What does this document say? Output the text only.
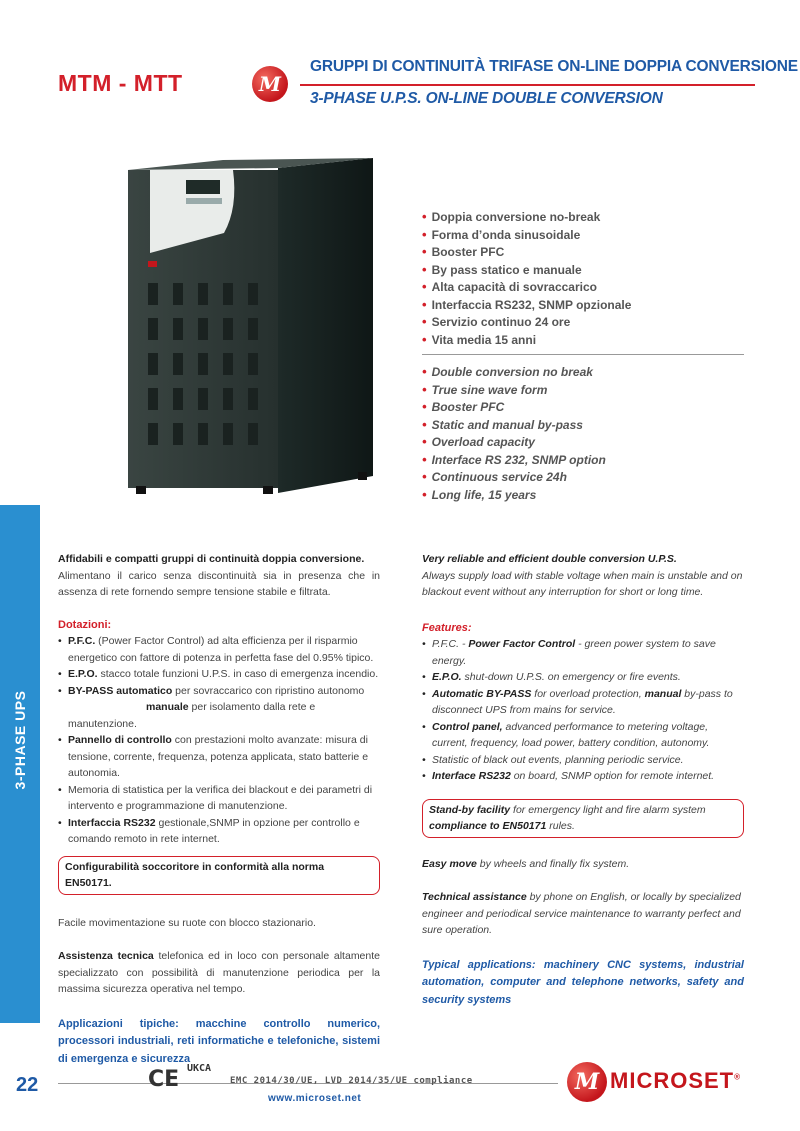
MTM - MTT	M
GRUPPI DI CONTINUITÀ TRIFASE ON-LINE DOPPIA CONVERSIONE
3-PHASE U.P.S. ON-LINE DOUBLE CONVERSION
• Doppia conversione no-break
• Forma d’onda sinusoidale
• Booster PFC
• By pass statico e manuale
• Alta capacità di sovraccarico
• Interfaccia RS232, SNMP opzionale
• Servizio continuo 24 ore
• Vita media 15 anni
• Double conversion no break
• True sine wave form
• Booster PFC
• Static and manual by-pass
• Overload capacity
• Interface RS 232, SNMP option
• Continuous service 24h
• Long life, 15 years
3-PHASE UPS
Affidabili e compatti gruppi di continuità doppia conversione.
Alimentano il carico senza discontinuità sia in presenza che in assenza di rete fornendo sempre tensione stabile e filtrata.
Dotazioni:
• P.F.C. (Power Factor Control) ad alta efficienza per il risparmio energetico con fattore di potenza in perfetta fase del 0.95% tipico.
• E.P.O. stacco totale funzioni U.P.S. in caso di emergenza incendio.
• BY-PASS automatico per sovraccarico con ripristino autonomo
manuale per isolamento dalla rete e manutenzione.
• Pannello di controllo con prestazioni molto avanzate: misura di tensione, corrente, frequenza, potenza applicata, stato batterie e autonomia.
• Memoria di statistica per la verifica dei blackout e dei parametri di intervento e programmazione di manutenzione.
• Interfaccia RS232 gestionale,SNMP in opzione per controllo e comando remoto in rete internet.
Configurabilità soccoritore in conformità alla norma EN50171.
Facile movimentazione su ruote con blocco stazionario.
Assistenza tecnica telefonica ed in loco con personale altamente specializzato con possibilità di manutenzione periodica per la massima sicurezza operativa nel tempo.
Applicazioni tipiche: macchine controllo numerico, processori industriali, reti informatiche e telefoniche, sistemi di emergenza e sicurezza
Very reliable and efficient double conversion U.P.S.
Always supply load with stable voltage when main is unstable and on blackout event without any interruption for short or long time.
Features:
• P.F.C. - Power Factor Control - green power system to save energy.
• E.P.O. shut-down U.P.S. on emergency or fire events.
• Automatic BY-PASS for overload protection, manual by-pass to disconnect UPS from mains for service.
• Control panel, advanced performance to metering voltage, current, frequency, load power, battery condition, autonomy.
• Statistic of black out events, planning periodic service.
• Interface RS232 on board, SNMP option for remote internet.
Stand-by facility for emergency light and fire alarm system
compliance to EN50171 rules.
Easy move by wheels and finally fix system.
Technical assistance by phone on English, or locally by specialized engineer and periodical service maintenance to warranty perfect and sure operation.
Typical applications: machinery CNC systems, industrial automation, computer and telephone networks, safety and security systems
22	CE UKCA
EMC 2014/30/UE, LVD 2014/35/UE compliance
www.microset.net
M MICROSET®
